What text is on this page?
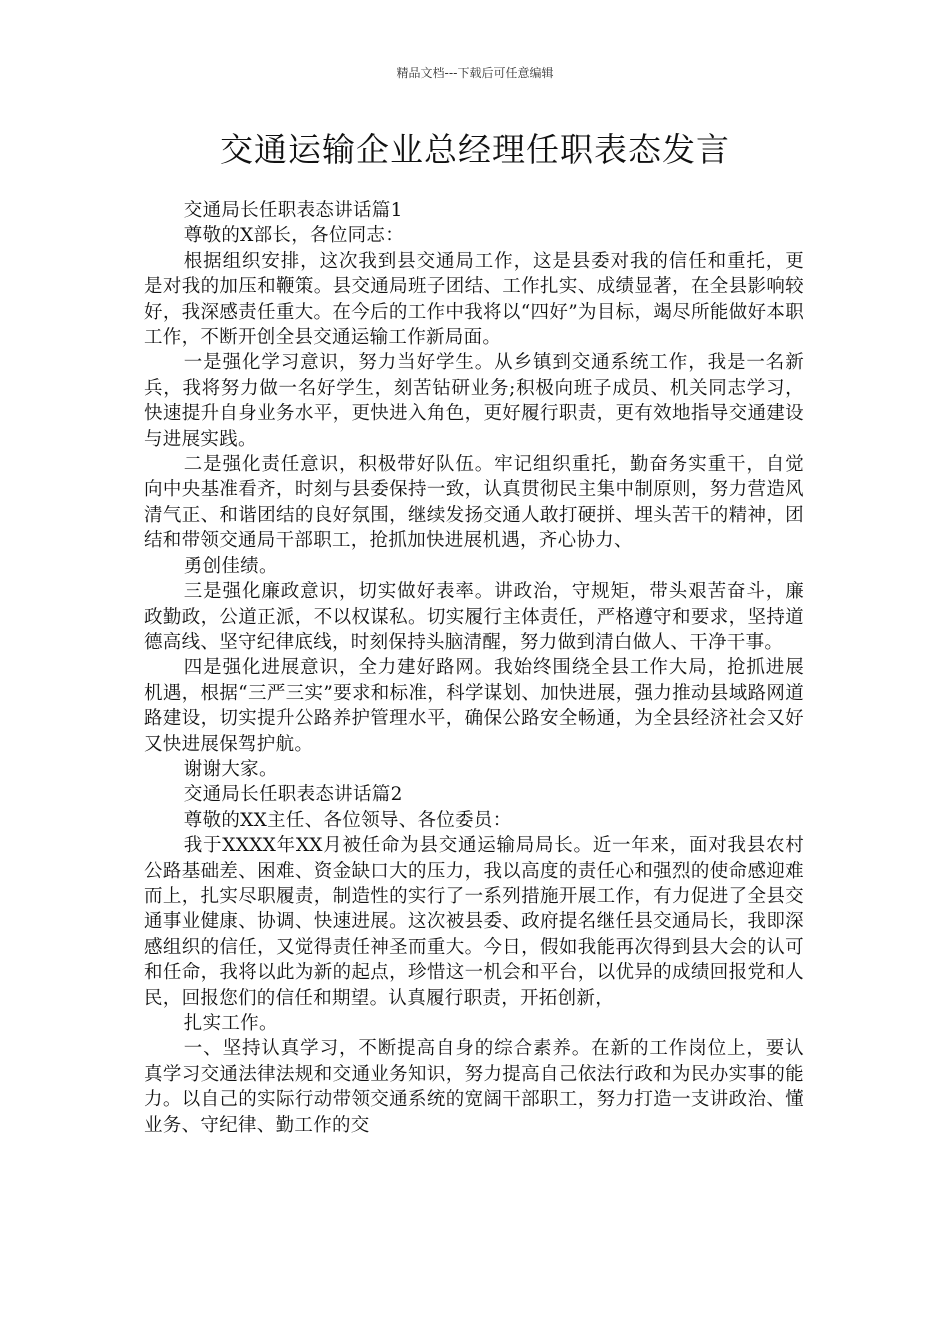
精品文档---下载后可任意编辑
交通运输企业总经理任职表态发言

交通局长任职表态讲话篇1

尊敬的X部长，各位同志：

根据组织安排，这次我到县交通局工作，这是县委对我的信任和重托，更是对我的加压和鞭策。县交通局班子团结、工作扎实、成绩显著，在全县影响较好，我深感责任重大。在今后的工作中我将以“四好”为目标，竭尽所能做好本职工作，不断开创全县交通运输工作新局面。

一是强化学习意识，努力当好学生。从乡镇到交通系统工作，我是一名新兵，我将努力做一名好学生，刻苦钻研业务;积极向班子成员、机关同志学习，快速提升自身业务水平，更快进入角色，更好履行职责，更有效地指导交通建设与进展实践。

二是强化责任意识，积极带好队伍。牢记组织重托，勤奋务实重干，自觉向中央基准看齐，时刻与县委保持一致，认真贯彻民主集中制原则，努力营造风清气正、和谐团结的良好氛围，继续发扬交通人敢打硬拼、埋头苦干的精神，团结和带领交通局干部职工，抢抓加快进展机遇，齐心协力、

勇创佳绩。

三是强化廉政意识，切实做好表率。讲政治，守规矩，带头艰苦奋斗，廉政勤政，公道正派，不以权谋私。切实履行主体责任，严格遵守和要求，坚持道德高线、坚守纪律底线，时刻保持头脑清醒，努力做到清白做人、干净干事。

四是强化进展意识，全力建好路网。我始终围绕全县工作大局，抢抓进展机遇，根据“三严三实”要求和标准，科学谋划、加快进展，强力推动县域路网道路建设，切实提升公路养护管理水平，确保公路安全畅通，为全县经济社会又好又快进展保驾护航。

谢谢大家。

交通局长任职表态讲话篇2

尊敬的XX主任、各位领导、各位委员：

我于XXXX年XX月被任命为县交通运输局局长。近一年来，面对我县农村公路基础差、困难、资金缺口大的压力，我以高度的责任心和强烈的使命感迎难而上，扎实尽职履责，制造性的实行了一系列措施开展工作，有力促进了全县交通事业健康、协调、快速进展。这次被县委、政府提名继任县交通局长，我即深感组织的信任，又觉得责任神圣而重大。今日，假如我能再次得到县大会的认可和任命，我将以此为新的起点，珍惜这一机会和平台，以优异的成绩回报党和人民，回报您们的信任和期望。认真履行职责，开拓创新，

扎实工作。

一、坚持认真学习，不断提高自身的综合素养。在新的工作岗位上，要认真学习交通法律法规和交通业务知识，努力提高自己依法行政和为民办实事的能力。以自己的实际行动带领交通系统的宽阔干部职工，努力打造一支讲政治、懂业务、守纪律、勤工作的交
